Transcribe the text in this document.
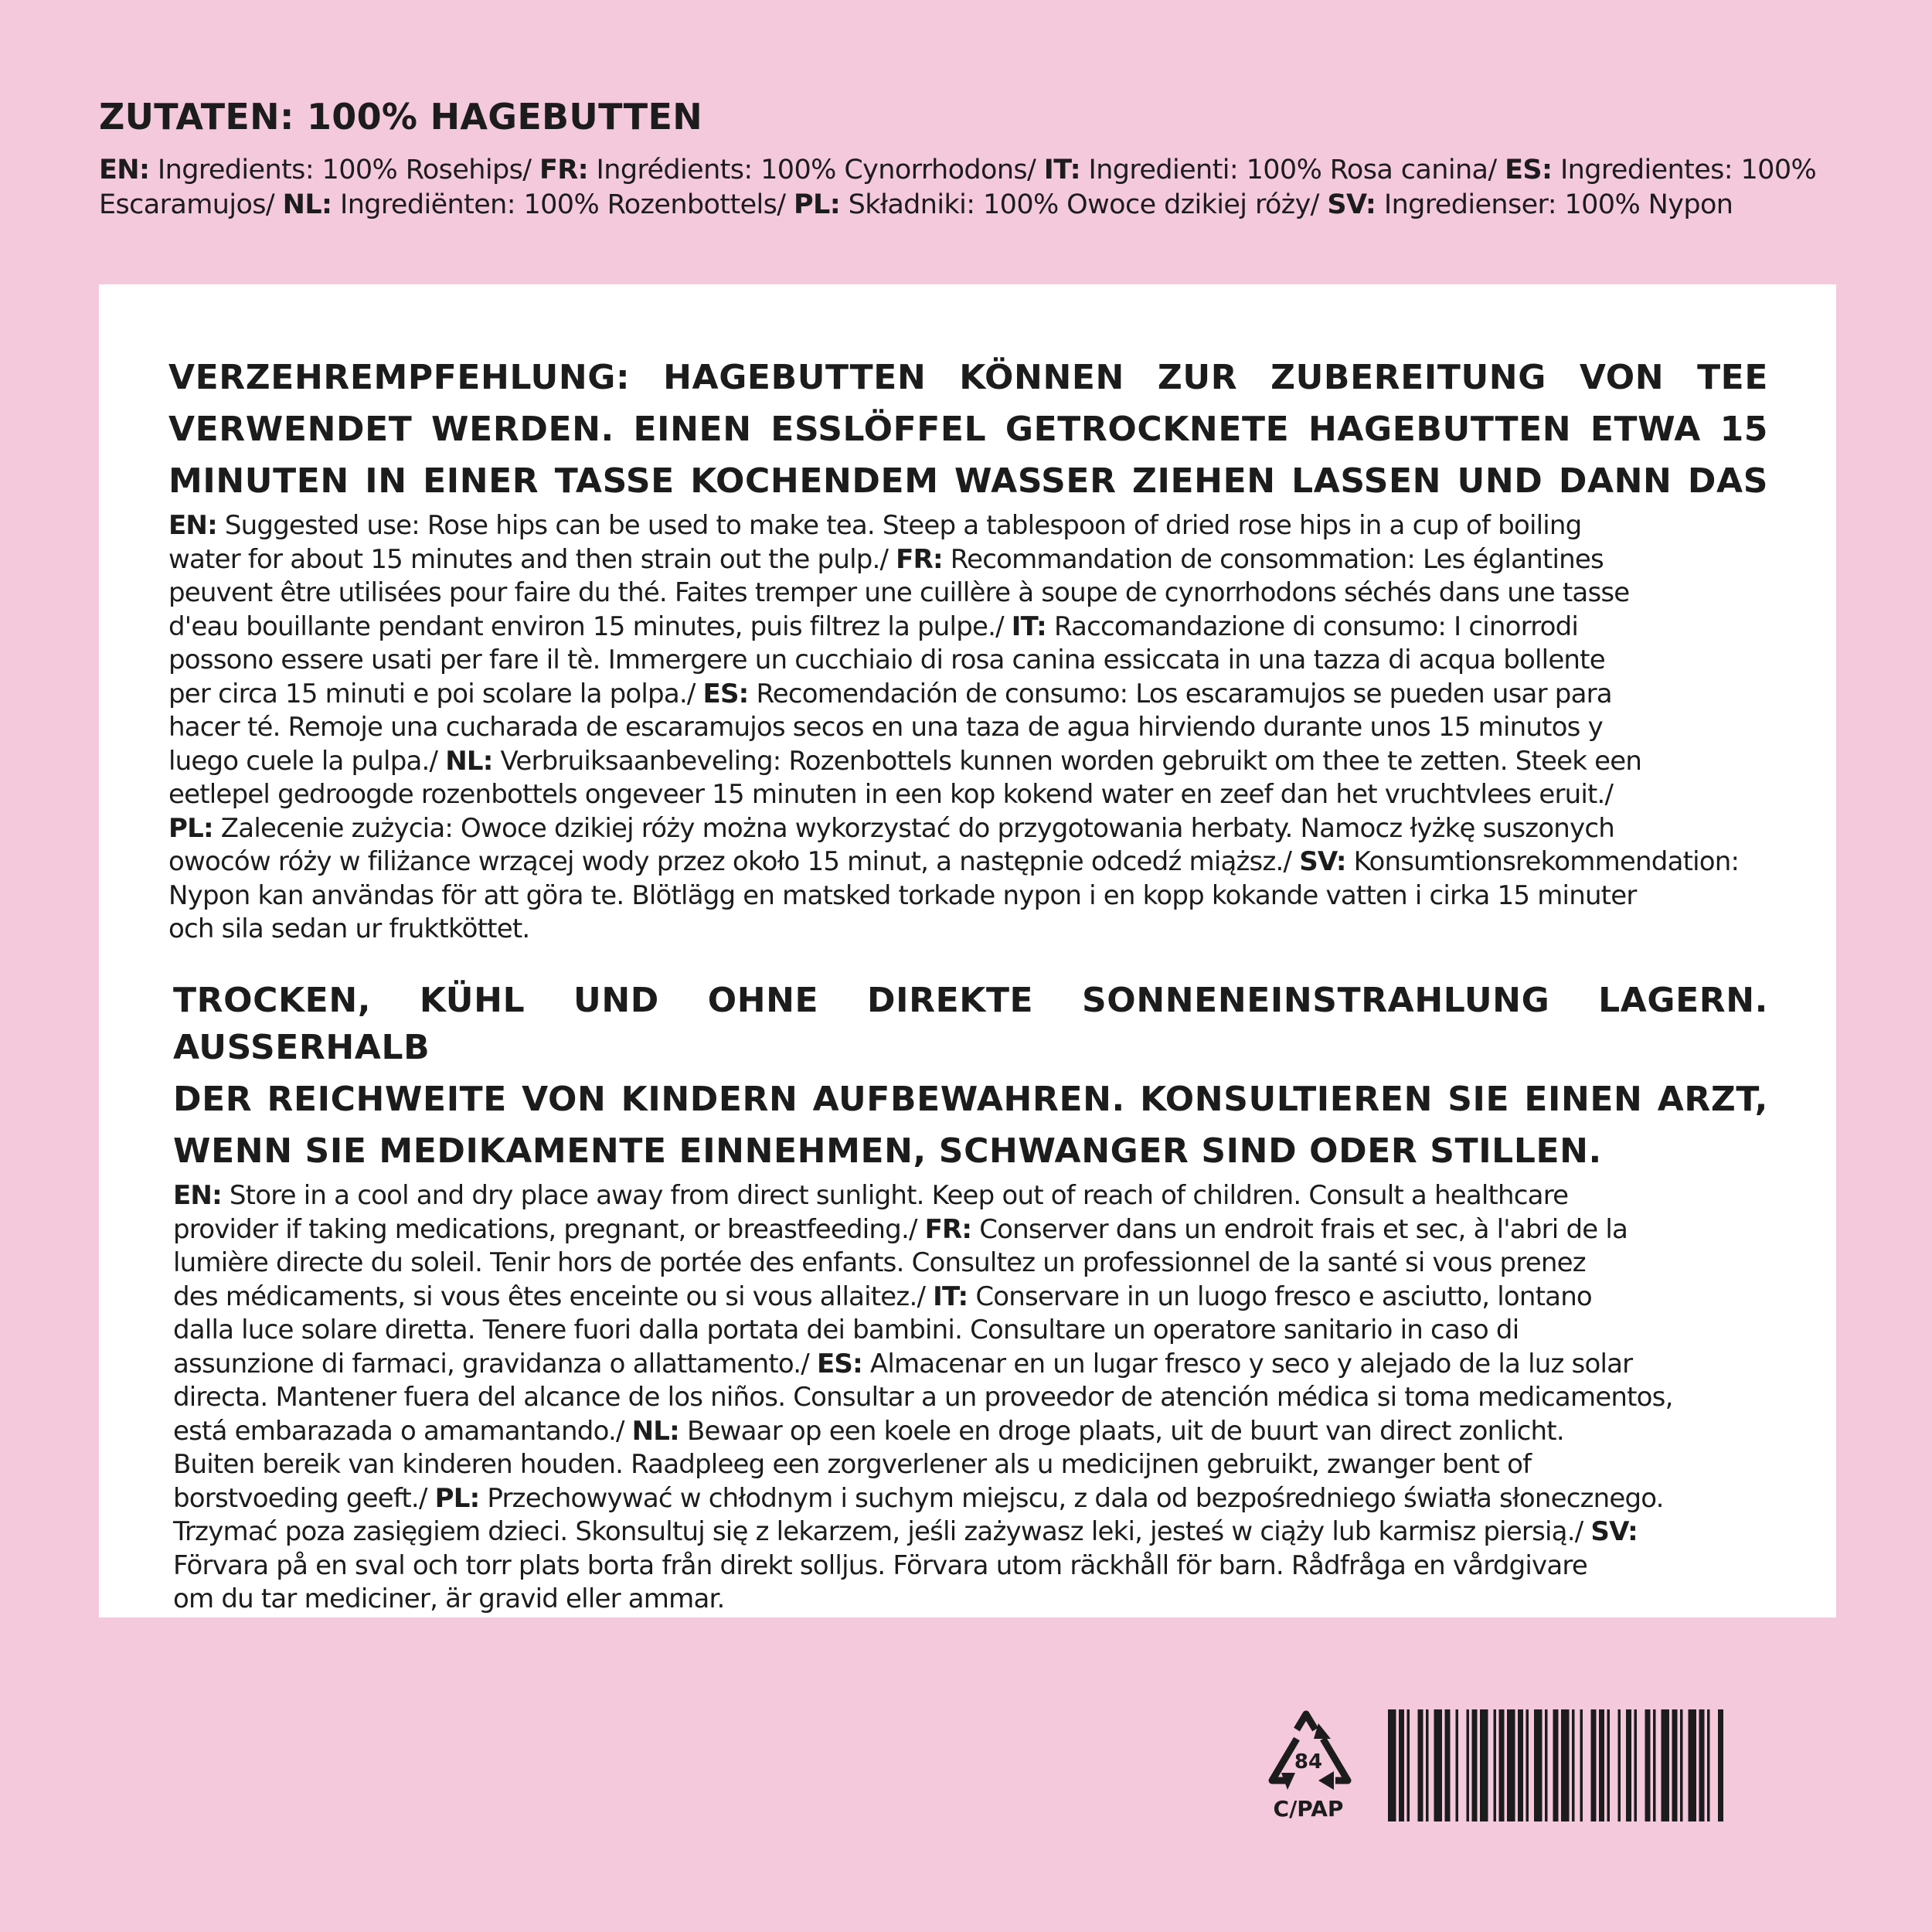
ZUTATEN: 100% HAGEBUTTEN
EN: Ingredients: 100% Rosehips/ FR: Ingrédients: 100% Cynorrhodons/ IT: Ingredienti: 100% Rosa canina/ ES: Ingredientes: 100%
Escaramujos/ NL: Ingrediënten: 100% Rozenbottels/ PL: Składniki: 100% Owoce dzikiej róży/ SV: Ingredienser: 100% Nypon
VERZEHREMPFEHLUNG: HAGEBUTTEN KÖNNEN ZUR ZUBEREITUNG VON TEE
VERWENDET WERDEN. EINEN ESSLÖFFEL GETROCKNETE HAGEBUTTEN ETWA 15
MINUTEN IN EINER TASSE KOCHENDEM WASSER ZIEHEN LASSEN UND DANN DAS
EN: Suggested use: Rose hips can be used to make tea. Steep a tablespoon of dried rose hips in a cup of boiling
water for about 15 minutes and then strain out the pulp./ FR: Recommandation de consommation: Les églantines
peuvent être utilisées pour faire du thé. Faites tremper une cuillère à soupe de cynorrhodons séchés dans une tasse
d'eau bouillante pendant environ 15 minutes, puis filtrez la pulpe./ IT: Raccomandazione di consumo: I cinorrodi
possono essere usati per fare il tè. Immergere un cucchiaio di rosa canina essiccata in una tazza di acqua bollente
per circa 15 minuti e poi scolare la polpa./ ES: Recomendación de consumo: Los escaramujos se pueden usar para
hacer té. Remoje una cucharada de escaramujos secos en una taza de agua hirviendo durante unos 15 minutos y
luego cuele la pulpa./ NL: Verbruiksaanbeveling: Rozenbottels kunnen worden gebruikt om thee te zetten. Steek een
eetlepel gedroogde rozenbottels ongeveer 15 minuten in een kop kokend water en zeef dan het vruchtvlees eruit./
PL: Zalecenie zużycia: Owoce dzikiej róży można wykorzystać do przygotowania herbaty. Namocz łyżkę suszonych
owoców róży w filiżance wrzącej wody przez około 15 minut, a następnie odcedź miąższ./ SV: Konsumtionsrekommendation:
Nypon kan användas för att göra te. Blötlägg en matsked torkade nypon i en kopp kokande vatten i cirka 15 minuter
och sila sedan ur fruktköttet.
TROCKEN, KÜHL UND OHNE DIREKTE SONNENEINSTRAHLUNG LAGERN. AUSSERHALB
DER REICHWEITE VON KINDERN AUFBEWAHREN. KONSULTIEREN SIE EINEN ARZT,
WENN SIE MEDIKAMENTE EINNEHMEN, SCHWANGER SIND ODER STILLEN.
EN: Store in a cool and dry place away from direct sunlight. Keep out of reach of children. Consult a healthcare
provider if taking medications, pregnant, or breastfeeding./ FR: Conserver dans un endroit frais et sec, à l'abri de la
lumière directe du soleil. Tenir hors de portée des enfants. Consultez un professionnel de la santé si vous prenez
des médicaments, si vous êtes enceinte ou si vous allaitez./ IT: Conservare in un luogo fresco e asciutto, lontano
dalla luce solare diretta. Tenere fuori dalla portata dei bambini. Consultare un operatore sanitario in caso di
assunzione di farmaci, gravidanza o allattamento./ ES: Almacenar en un lugar fresco y seco y alejado de la luz solar
directa. Mantener fuera del alcance de los niños. Consultar a un proveedor de atención médica si toma medicamentos,
está embarazada o amamantando./ NL: Bewaar op een koele en droge plaats, uit de buurt van direct zonlicht.
Buiten bereik van kinderen houden. Raadpleeg een zorgverlener als u medicijnen gebruikt, zwanger bent of
borstvoeding geeft./ PL: Przechowywać w chłodnym i suchym miejscu, z dala od bezpośredniego światła słonecznego.
Trzymać poza zasięgiem dzieci. Skonsultuj się z lekarzem, jeśli zażywasz leki, jesteś w ciąży lub karmisz piersią./ SV:
Förvara på en sval och torr plats borta från direkt solljus. Förvara utom räckhåll för barn. Rådfråga en vårdgivare
om du tar mediciner, är gravid eller ammar.
84
C/PAP
